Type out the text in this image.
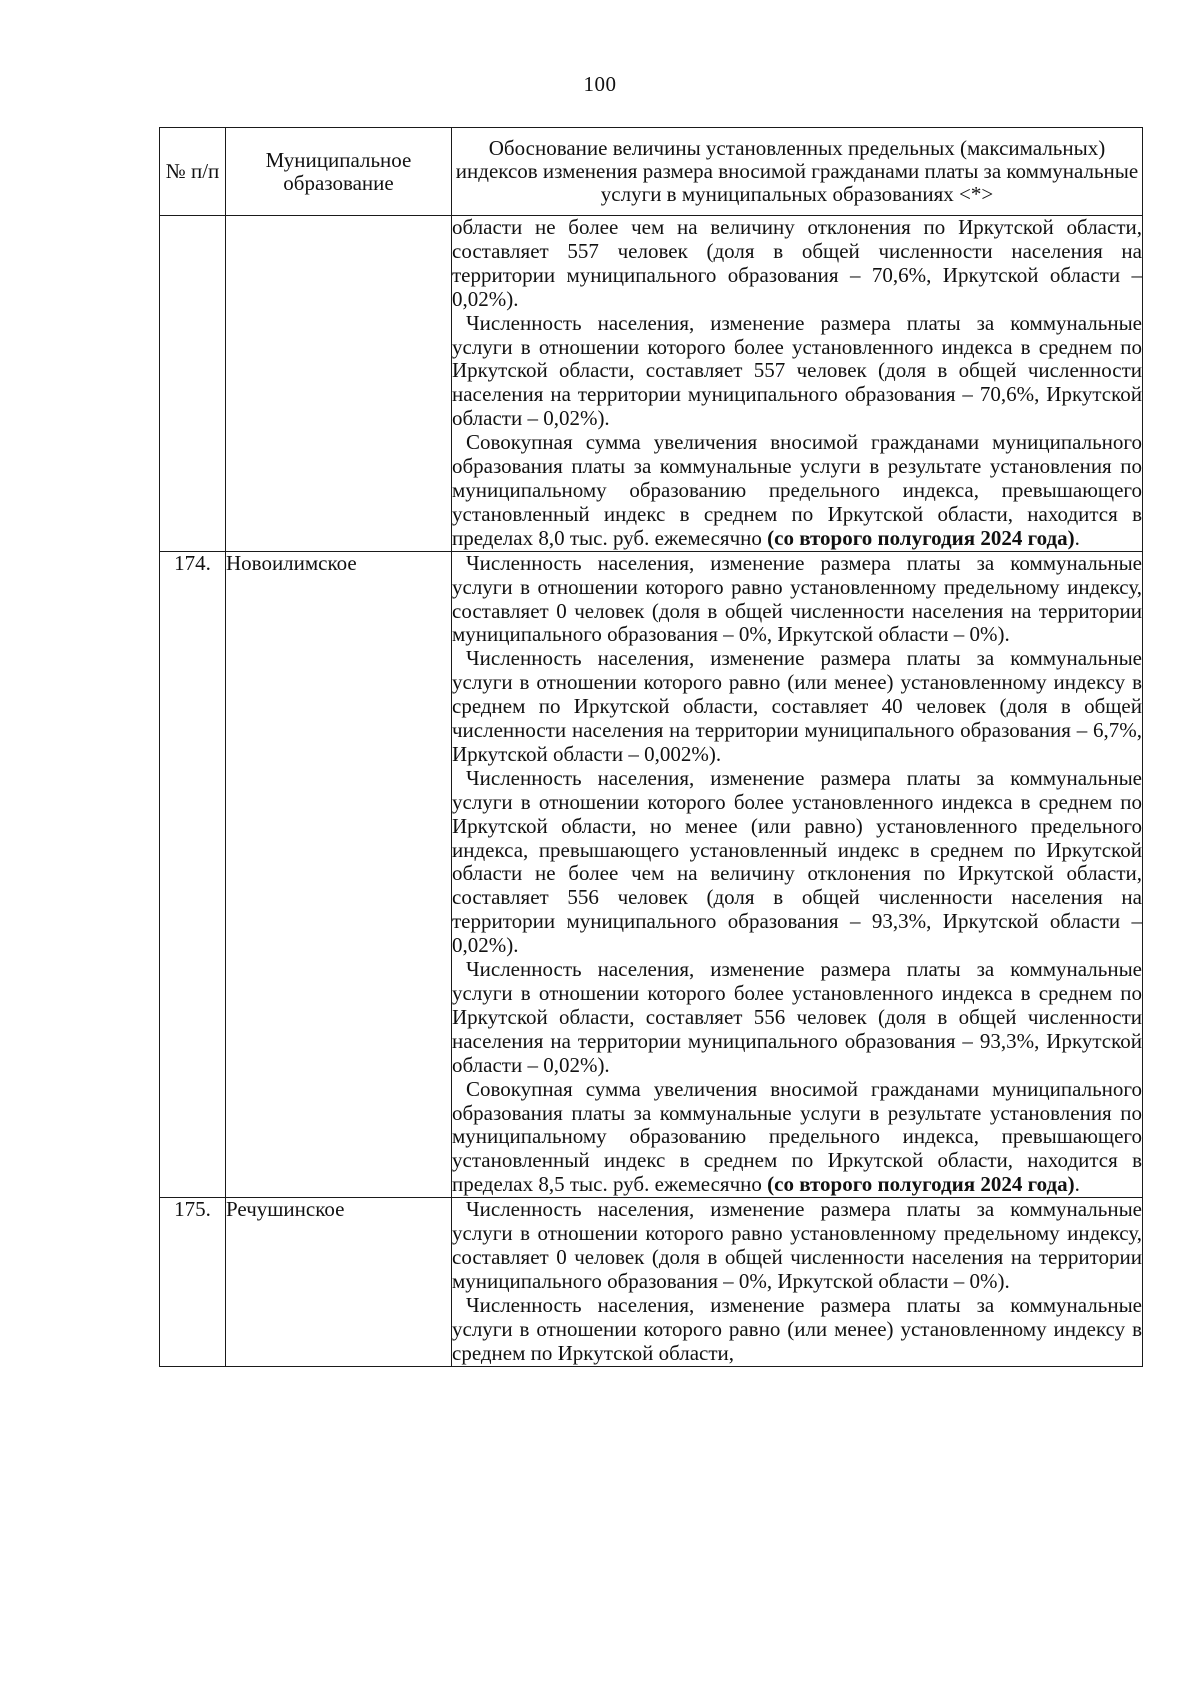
100
№ п/п	Муниципальное образование	Обоснование величины установленных предельных (максимальных) индексов изменения размера вносимой гражданами платы за коммунальные услуги в муниципальных образованиях <*>

		области не более чем на величину отклонения по Иркутской области, составляет 557 человек (доля в общей численности населения на территории муниципального образования – 70,6%, Иркутской области – 0,02%).

Численность населения, изменение размера платы за коммунальные услуги в отношении которого более установленного индекса в среднем по Иркутской области, составляет 557 человек (доля в общей численности населения на территории муниципального образования – 70,6%, Иркутской области – 0,02%).

Совокупная сумма увеличения вносимой гражданами муниципального образования платы за коммунальные услуги в результате установления по муниципальному образованию предельного индекса, превышающего установленный индекс в среднем по Иркутской области, находится в пределах 8,0 тыс. руб. ежемесячно (со второго полугодия 2024 года).

174.	Новоилимское	Численность населения, изменение размера платы за коммунальные услуги в отношении которого равно установленному предельному индексу, составляет 0 человек (доля в общей численности населения на территории муниципального образования – 0%, Иркутской области – 0%).

Численность населения, изменение размера платы за коммунальные услуги в отношении которого равно (или менее) установленному индексу в среднем по Иркутской области, составляет 40 человек (доля в общей численности населения на территории муниципального образования – 6,7%, Иркутской области – 0,002%).

Численность населения, изменение размера платы за коммунальные услуги в отношении которого более установленного индекса в среднем по Иркутской области, но менее (или равно) установленного предельного индекса, превышающего установленный индекс в среднем по Иркутской области не более чем на величину отклонения по Иркутской области, составляет 556 человек (доля в общей численности населения на территории муниципального образования – 93,3%, Иркутской области – 0,02%).

Численность населения, изменение размера платы за коммунальные услуги в отношении которого более установленного индекса в среднем по Иркутской области, составляет 556 человек (доля в общей численности населения на территории муниципального образования – 93,3%, Иркутской области – 0,02%).

Совокупная сумма увеличения вносимой гражданами муниципального образования платы за коммунальные услуги в результате установления по муниципальному образованию предельного индекса, превышающего установленный индекс в среднем по Иркутской области, находится в пределах 8,5 тыс. руб. ежемесячно (со второго полугодия 2024 года).

175.	Речушинское	Численность населения, изменение размера платы за коммунальные услуги в отношении которого равно установленному предельному индексу, составляет 0 человек (доля в общей численности населения на территории муниципального образования – 0%, Иркутской области – 0%).

Численность населения, изменение размера платы за коммунальные услуги в отношении которого равно (или менее) установленному индексу в среднем по Иркутской области,
